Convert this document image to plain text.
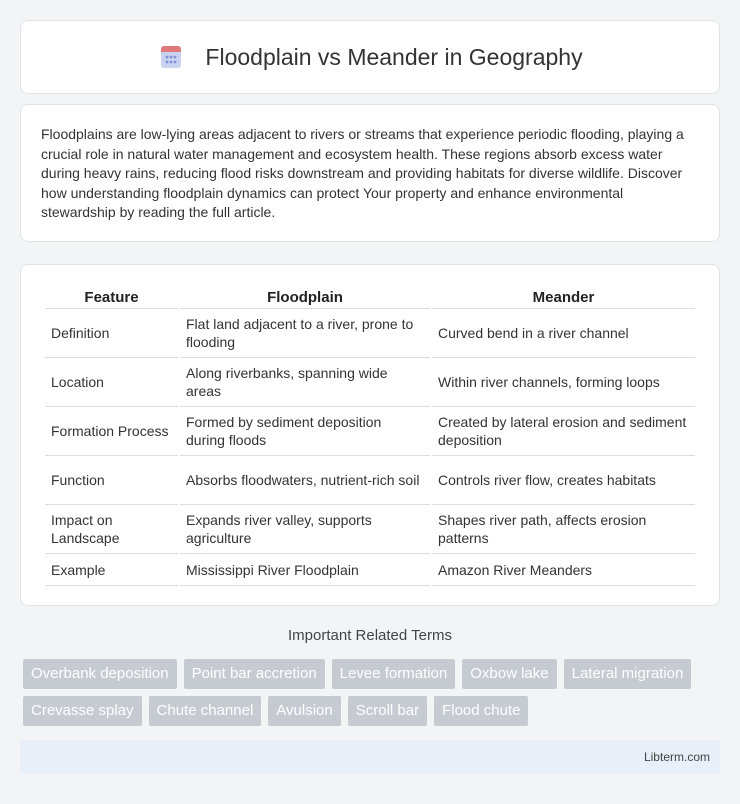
Floodplain vs Meander in Geography

Floodplains are low-lying areas adjacent to rivers or streams that experience periodic flooding, playing a crucial role in natural water management and ecosystem health. These regions absorb excess water during heavy rains, reducing flood risks downstream and providing habitats for diverse wildlife. Discover how understanding floodplain dynamics can protect Your property and enhance environmental stewardship by reading the full article.

Feature	Floodplain	Meander
Definition	Flat land adjacent to a river, prone to flooding	Curved bend in a river channel
Location	Along riverbanks, spanning wide areas	Within river channels, forming loops
Formation Process	Formed by sediment deposition during floods	Created by lateral erosion and sediment deposition
Function	Absorbs floodwaters, nutrient-rich soil	Controls river flow, creates habitats
Impact on Landscape	Expands river valley, supports agriculture	Shapes river path, affects erosion patterns
Example	Mississippi River Floodplain	Amazon River Meanders
Important Related Terms
Overbank deposition	Point bar accretion	Levee formation	Oxbow lake	Lateral migration
Crevasse splay	Chute channel	Avulsion	Scroll bar	Flood chute
Libterm.com
